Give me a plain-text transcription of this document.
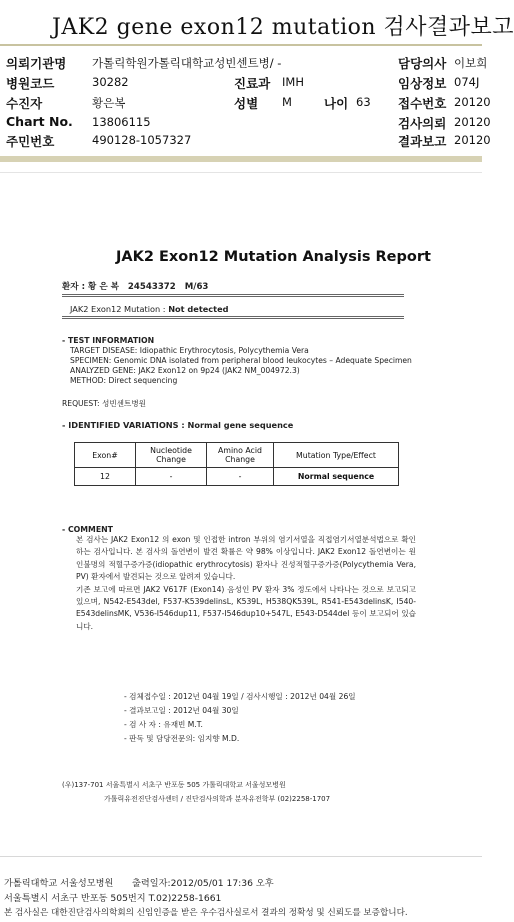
JAK2 gene exon12 mutation 검사결과보고
의뢰기관명 가톨릭학원가톨릭대학교성빈센트병/ -	담당의사 이보희
병원코드	30282	진료과 IMH	임상정보 074J
수진자	황은복	성별 M	나이 63 접수번호 20120
Chart No. 13806115	검사의뢰 20120
주민번호	490128-1057327	결과보고 20120
JAK2 Exon12 Mutation Analysis Report
환자 : 황 은 복 24543372 M/63
JAK2 Exon12 Mutation : Not detected
- TEST INFORMATION
TARGET DISEASE: Idiopathic Erythrocytosis, Polycythemia Vera
SPECIMEN: Genomic DNA isolated from peripheral blood leukocytes – Adequate Specimen
ANALYZED GENE: JAK2 Exon12 on 9p24 (JAK2 NM_004972.3)
METHOD: Direct sequencing
REQUEST: 성빈센트병원
- IDENTIFIED VARIATIONS : Normal gene sequence
Exon#	Nucleotide Change	Amino Acid Change	Mutation Type/Effect
12	-	-	Normal sequence
- COMMENT

본 검사는 JAK2 Exon12 의 exon 및 인접한 intron 부위의 염기서열을 직접염기서열분석법으로 확인하는 검사입니다. 본 검사의 돌연변이 발견 확률은 약 98% 이상입니다. JAK2 Exon12 돌연변이는 원인불명의 적혈구증가증(idiopathic erythrocytosis) 환자나 진성적혈구증가증(Polycythemia Vera, PV) 환자에서 발견되는 것으로 알려져 있습니다.

기존 보고에 따르면 JAK2 V617F (Exon14) 음성인 PV 환자 3% 정도에서 나타나는 것으로 보고되고 있으며, N542-E543del, F537-K539delinsL, K539L, H538QK539L, R541-E543delinsK, I540-E543delinsMK, V536-I546dup11, F537-I546dup10+547L, E543-D544del 등이 보고되어 있습니다.

- 검체접수일 : 2012년 04월 19일 / 검사시행일 : 2012년 04월 26일
- 결과보고일 : 2012년 04월 30일
- 검 사 자 : 유재빈 M.T.
- 판독 및 담당전문의: 임지향 M.D.
(우)137-701 서울특별시 서초구 반포동 505 가톨릭대학교 서울성모병원
가톨릭유전진단검사센터 / 진단검사의학과 분자유전학부 (02)2258-1707
가톨릭대학교 서울성모병원 출력일자:2012/05/01 17:36 오후
서울특별시 서초구 반포동 505번지 T.02)2258-1661
본 검사실은 대한진단검사의학회의 신임인증을 받은 우수검사실로서 결과의 정확성 및 신뢰도를 보증합니다.
